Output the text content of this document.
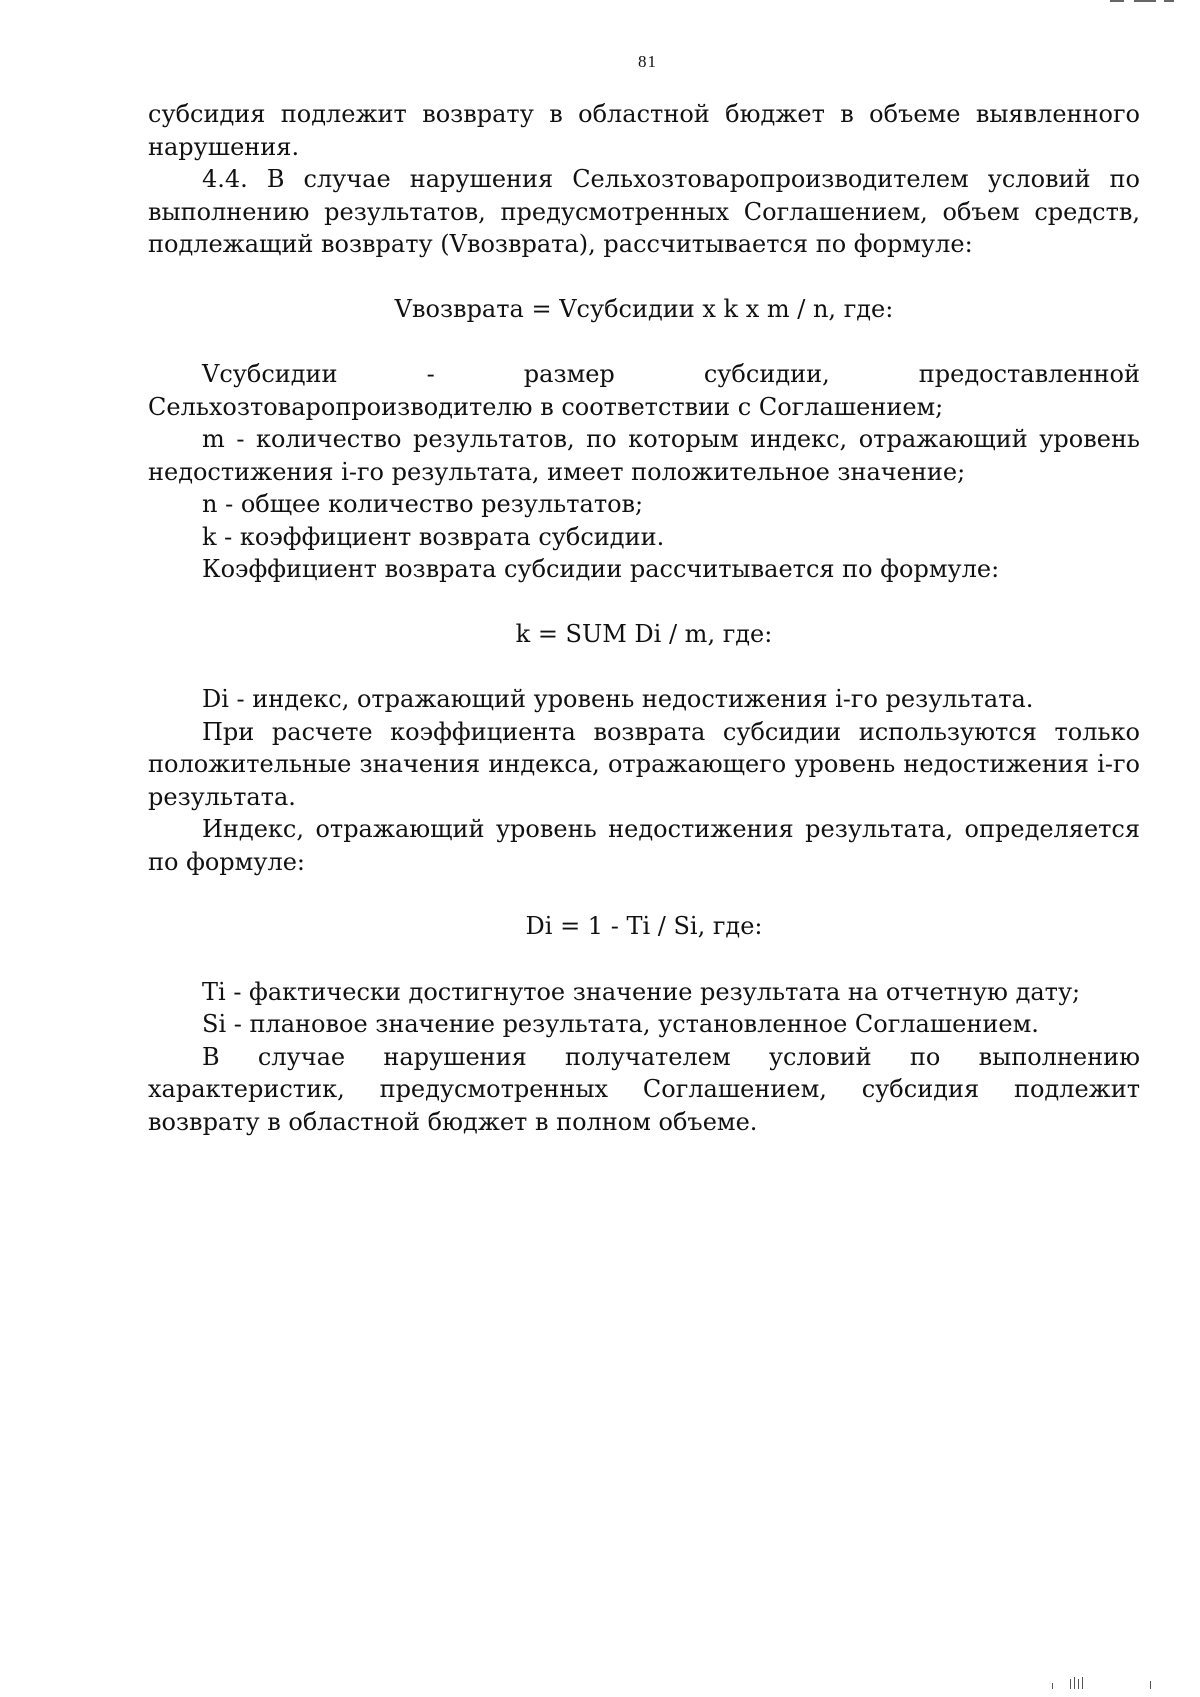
81

субсидия подлежит возврату в областной бюджет в объеме выявленного нарушения.

4.4. В случае нарушения Сельхозтоваропроизводителем условий по выполнению результатов, предусмотренных Соглашением, объем средств, подлежащий возврату (Vвозврата), рассчитывается по формуле:

Vвозврата = Vсубсидии x k x m / n, где:

Vсубсидии - размер субсидии, предоставленной

Сельхозтоваропроизводителю в соответствии с Соглашением;

m - количество результатов, по которым индекс, отражающий уровень недостижения i-го результата, имеет положительное значение;

n - общее количество результатов;

k - коэффициент возврата субсидии.

Коэффициент возврата субсидии рассчитывается по формуле:

k = SUM Di / m, где:

Di - индекс, отражающий уровень недостижения i-го результата.

При расчете коэффициента возврата субсидии используются только положительные значения индекса, отражающего уровень недостижения i-го результата.

Индекс, отражающий уровень недостижения результата, определяется по формуле:

Di = 1 - Ti / Si, где:

Ti - фактически достигнутое значение результата на отчетную дату;

Si - плановое значение результата, установленное Соглашением.

В случае нарушения получателем условий по выполнению характеристик, предусмотренных Соглашением, субсидия подлежит возврату в областной бюджет в полном объеме.
